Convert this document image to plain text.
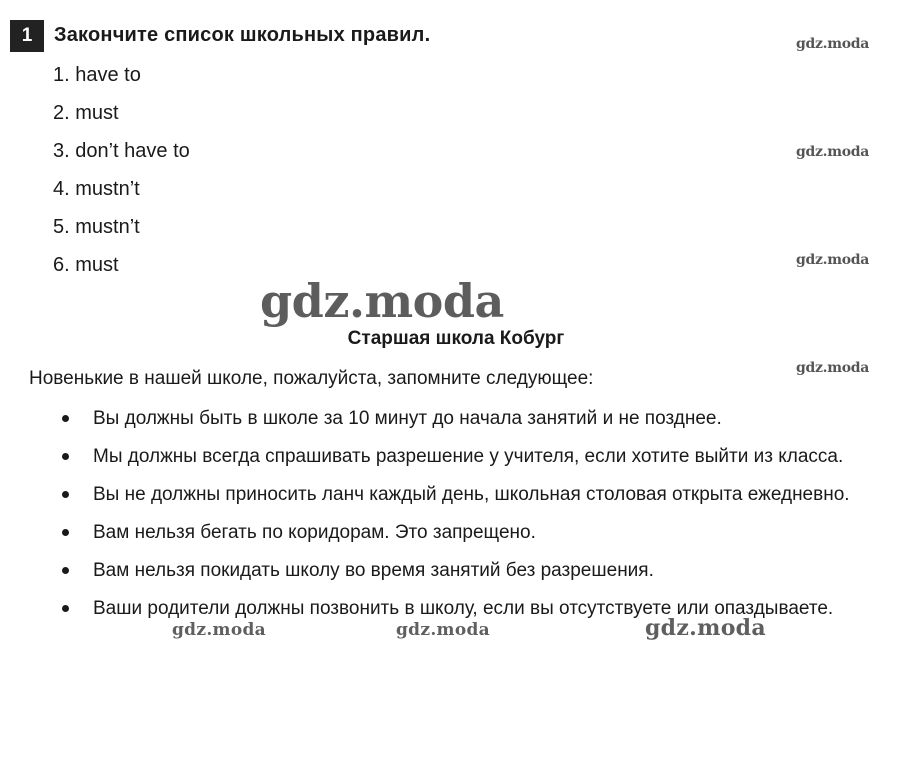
1	Закончите список школьных правил.
1. have to
2. must
3. don’t have to
4. mustn’t
5. mustn’t
6. must
gdz.moda
Старшая школа Кобург
Новенькие в нашей школе, пожалуйста, запомните следующее:
Вы должны быть в школе за 10 минут до начала занятий и не позднее.
Мы должны всегда спрашивать разрешение у учителя, если хотите выйти из класса.
Вы не должны приносить ланч каждый день, школьная столовая открыта ежедневно.
Вам нельзя бегать по коридорам. Это запрещено.
Вам нельзя покидать школу во время занятий без разрешения.
Ваши родители должны позвонить в школу, если вы отсутствуете или опаздываете.
gdz.moda
gdz.moda
gdz.moda
gdz.moda
gdz.moda	gdz.moda	gdz.moda
